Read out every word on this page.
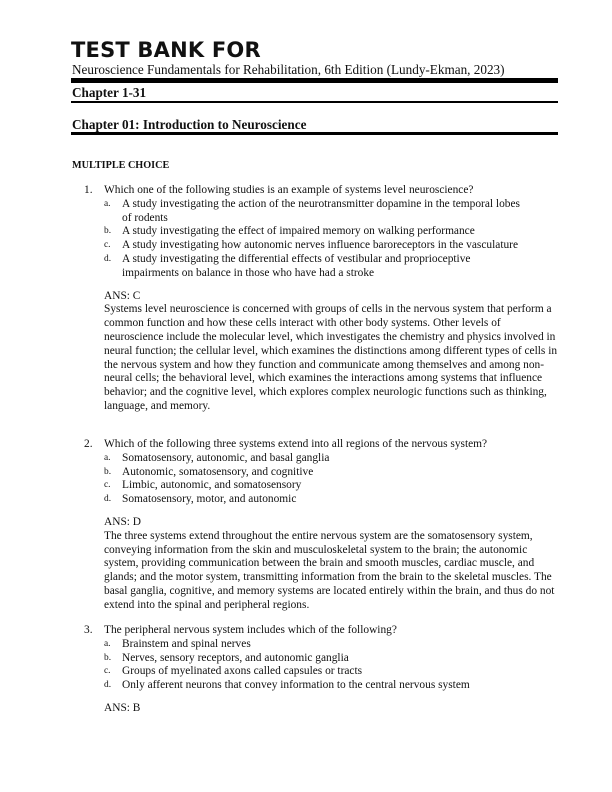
TEST BANK FOR
Neuroscience Fundamentals for Rehabilitation, 6th Edition (Lundy-Ekman, 2023)
Chapter 1-31
Chapter 01: Introduction to Neuroscience
MULTIPLE CHOICE
1.	Which one of the following studies is an example of systems level neuroscience?
a.	A study investigating the action of the neurotransmitter dopamine in the temporal lobes of rodents
b. A study investigating the effect of impaired memory on walking performance
c.	A study investigating how autonomic nerves influence baroreceptors in the vasculature
d. A study investigating the differential effects of vestibular and proprioceptive impairments on balance in those who have had a stroke
ANS: C
Systems level neuroscience is concerned with groups of cells in the nervous system that perform a common function and how these cells interact with other body systems. Other levels of neuroscience include the molecular level, which investigates the chemistry and physics involved in neural function; the cellular level, which examines the distinctions among different types of cells in the nervous system and how they function and communicate among themselves and among non-neural cells; the behavioral level, which examines the interactions among systems that influence behavior; and the cognitive level, which explores complex neurologic functions such as thinking, language, and memory.
2.	Which of the following three systems extend into all regions of the nervous system?
a.	Somatosensory, autonomic, and basal ganglia
b. Autonomic, somatosensory, and cognitive
c.	Limbic, autonomic, and somatosensory
d. Somatosensory, motor, and autonomic
ANS: D
The three systems extend throughout the entire nervous system are the somatosensory system, conveying information from the skin and musculoskeletal system to the brain; the autonomic system, providing communication between the brain and smooth muscles, cardiac muscle, and glands; and the motor system, transmitting information from the brain to the skeletal muscles. The basal ganglia, cognitive, and memory systems are located entirely within the brain, and thus do not extend into the spinal and peripheral regions.
3.	The peripheral nervous system includes which of the following?
a.	Brainstem and spinal nerves
b. Nerves, sensory receptors, and autonomic ganglia
c.	Groups of myelinated axons called capsules or tracts
d. Only afferent neurons that convey information to the central nervous system
ANS: B
